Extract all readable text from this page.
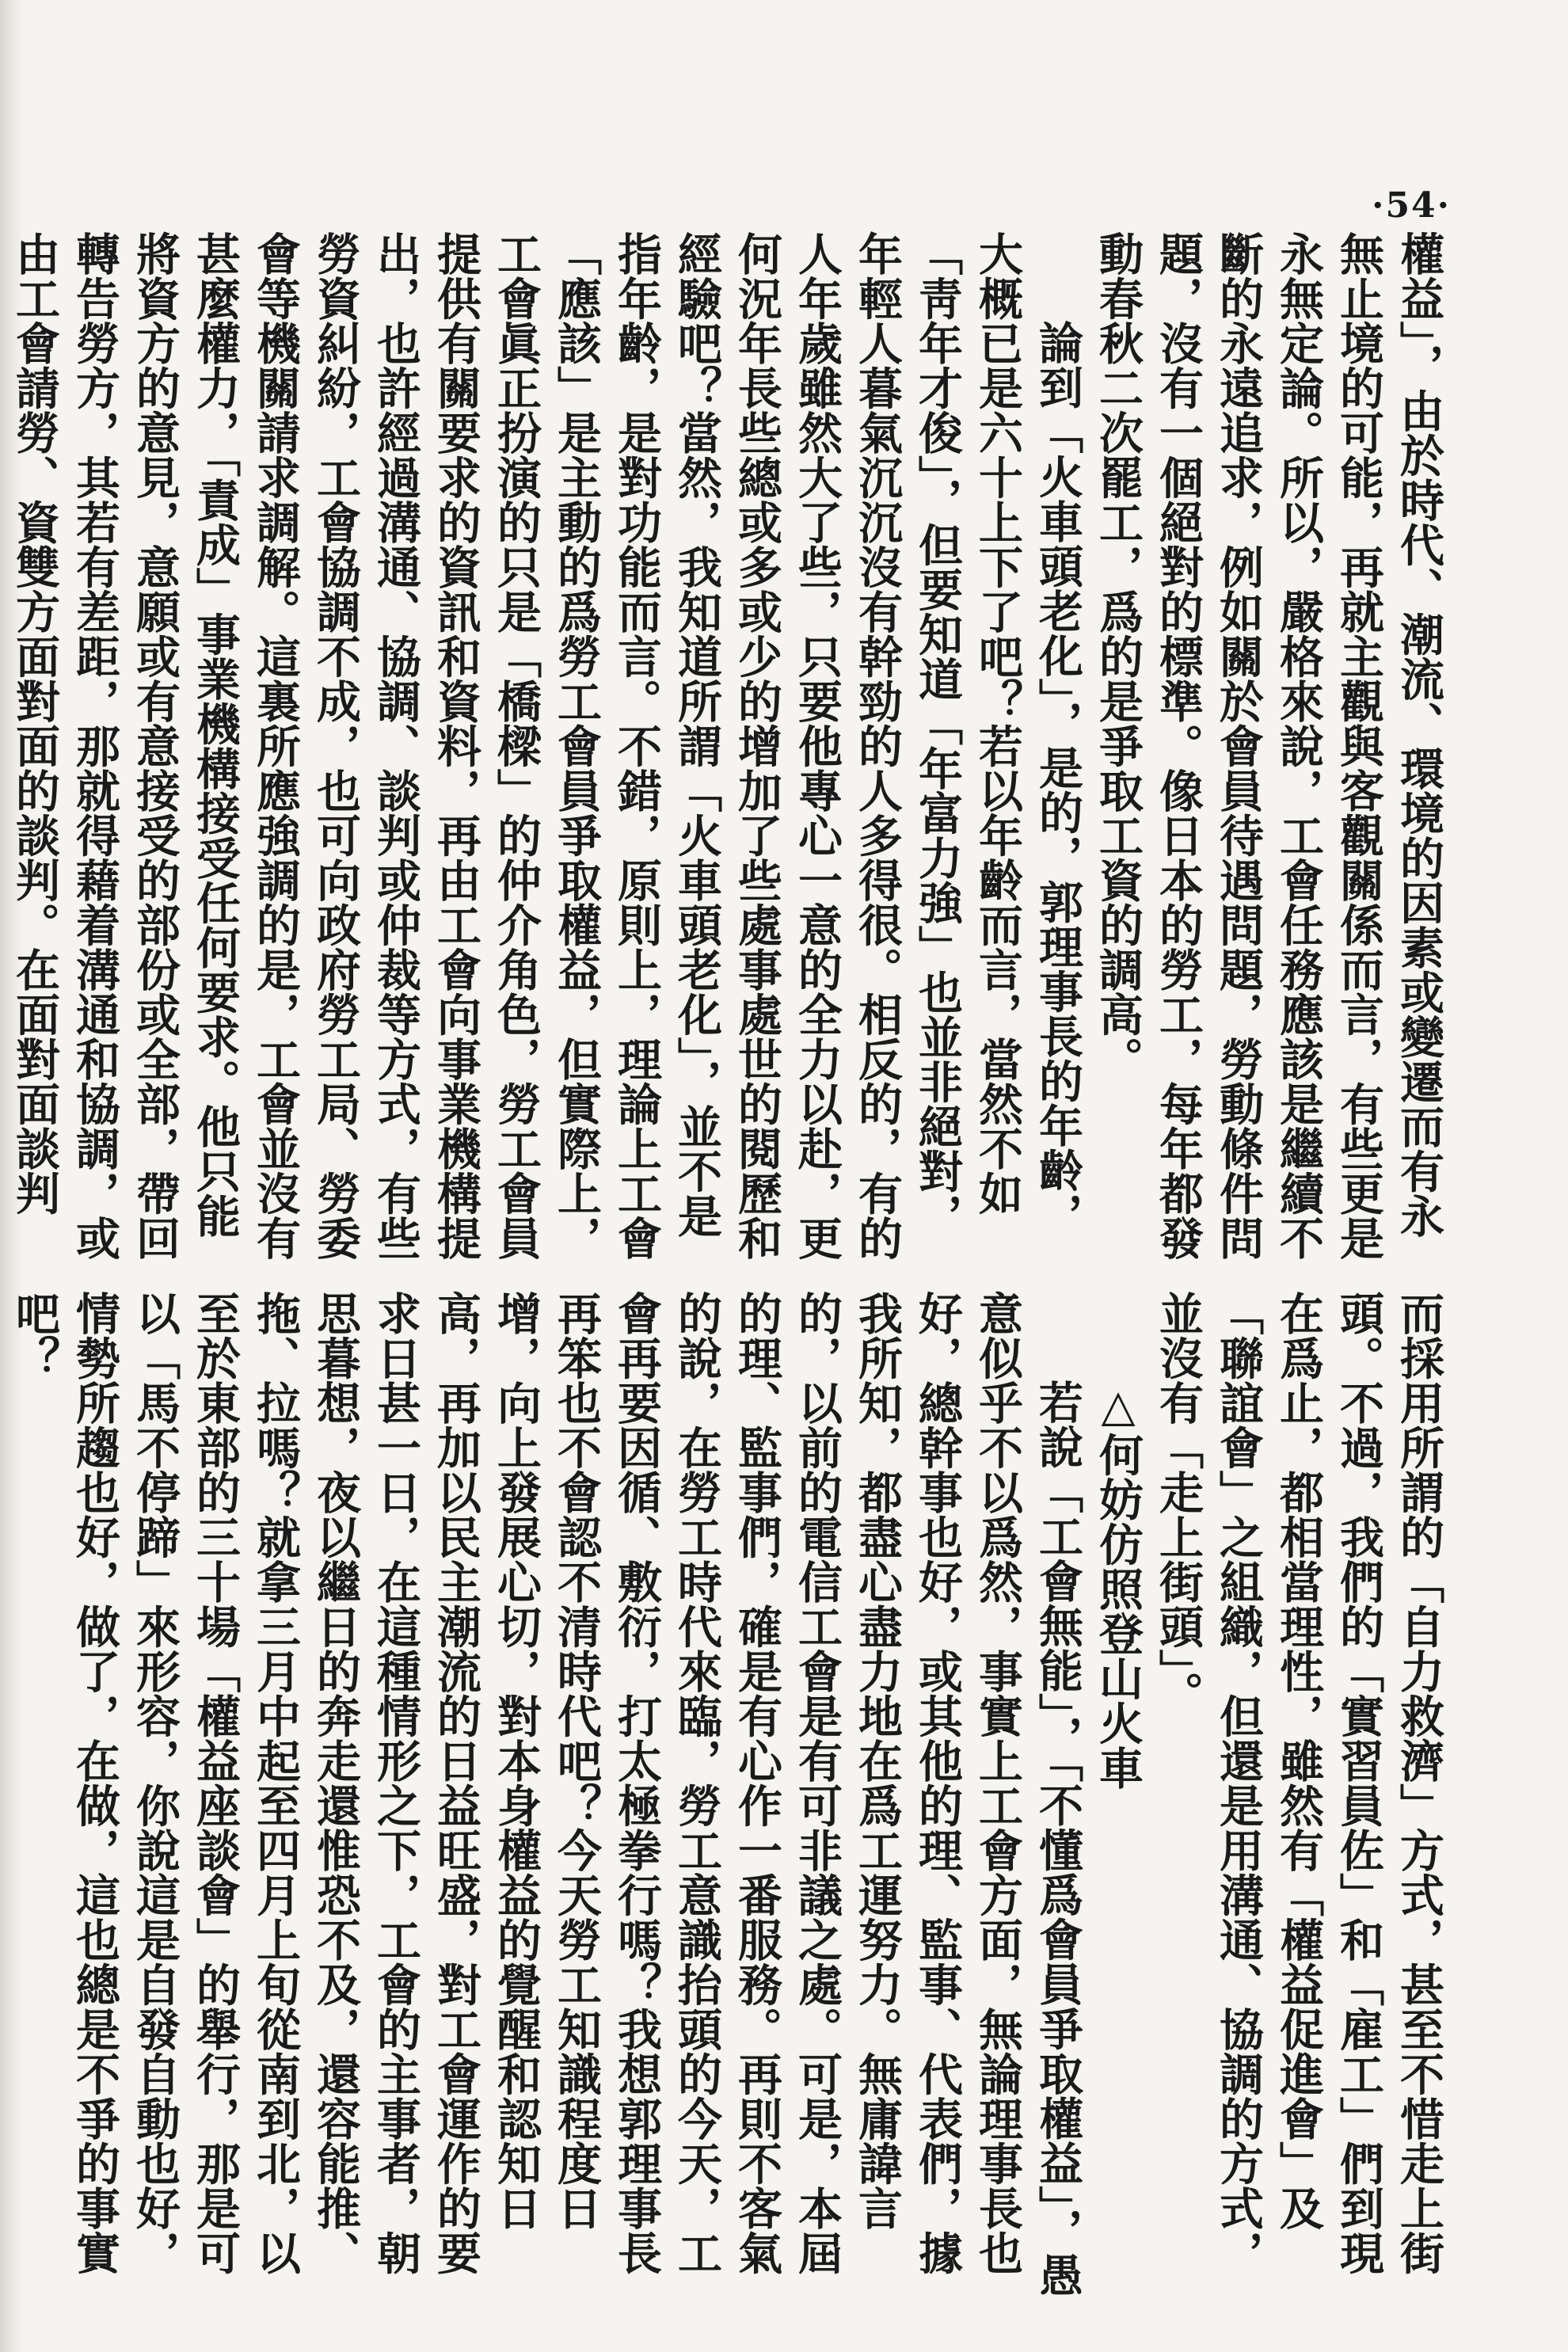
·54·

權益」，由於時代、潮流、環境的因素或變遷而有永無止境的可能，再就主觀與客觀關係而言，有些更是永無定論。所以，嚴格來說，工會任務應該是繼續不斷的永遠追求，例如關於會員待遇問題，勞動條件問題，沒有一個絕對的標準。像日本的勞工，每年都發動春秋二次罷工，爲的是爭取工資的調高。

論到「火車頭老化」，是的，郭理事長的年齡，大概已是六十上下了吧？若以年齡而言，當然不如「靑年才俊」，但要知道「年富力強」也並非絕對，年輕人暮氣沉沉沒有幹勁的人多得很。相反的，有的人年歲雖然大了些，只要他專心一意的全力以赴，更何況年長些總或多或少的增加了些處事處世的閱歷和經驗吧？當然，我知道所謂「火車頭老化」，並不是指年齡，是對功能而言。不錯，原則上，理論上工會「應該」是主動的爲勞工會員爭取權益，但實際上，工會眞正扮演的只是「橋樑」的仲介角色，勞工會員提供有關要求的資訊和資料，再由工會向事業機構提出，也許經過溝通、協調、談判或仲裁等方式，有些勞資糾紛，工會協調不成，也可向政府勞工局、勞委會等機關請求調解。這裏所應強調的是，工會並沒有甚麼權力，「責成」事業機構接受任何要求。他只能將資方的意見，意願或有意接受的部份或全部，帶回轉告勞方，其若有差距，那就得藉着溝通和協調，或由工會請勞、資雙方面對面的談判。在面對面談判

而採用所謂的「自力救濟」方式，甚至不惜走上街頭。不過，我們的「實習員佐」和「雇工」們到現在爲止，都相當理性，雖然有「權益促進會」及「聯誼會」之組織，但還是用溝通、協調的方式，並沒有「走上街頭」。

△何妨仿照登山火車

若說「工會無能」，「不懂爲會員爭取權益」，愚意似乎不以爲然，事實上工會方面，無論理事長也好，總幹事也好，或其他的理、監事、代表們，據我所知，都盡心盡力地在爲工運努力。無庸諱言的，以前的電信工會是有可非議之處。可是，本屆的理、監事們，確是有心作一番服務。再則不客氣的說，在勞工時代來臨，勞工意識抬頭的今天，工會再要因循、敷衍，打太極拳行嗎？我想郭理事長再笨也不會認不清時代吧？今天勞工知識程度日增，向上發展心切，對本身權益的覺醒和認知日高，再加以民主潮流的日益旺盛，對工會運作的要求日甚一日，在這種情形之下，工會的主事者，朝思暮想，夜以繼日的奔走還惟恐不及，還容能推、拖、拉嗎？就拿三月中起至四月上旬從南到北，以至於東部的三十場「權益座談會」的舉行，那是可以「馬不停蹄」來形容，你說這是自發自動也好，情勢所趨也好，做了，在做，這也總是不爭的事實吧？
